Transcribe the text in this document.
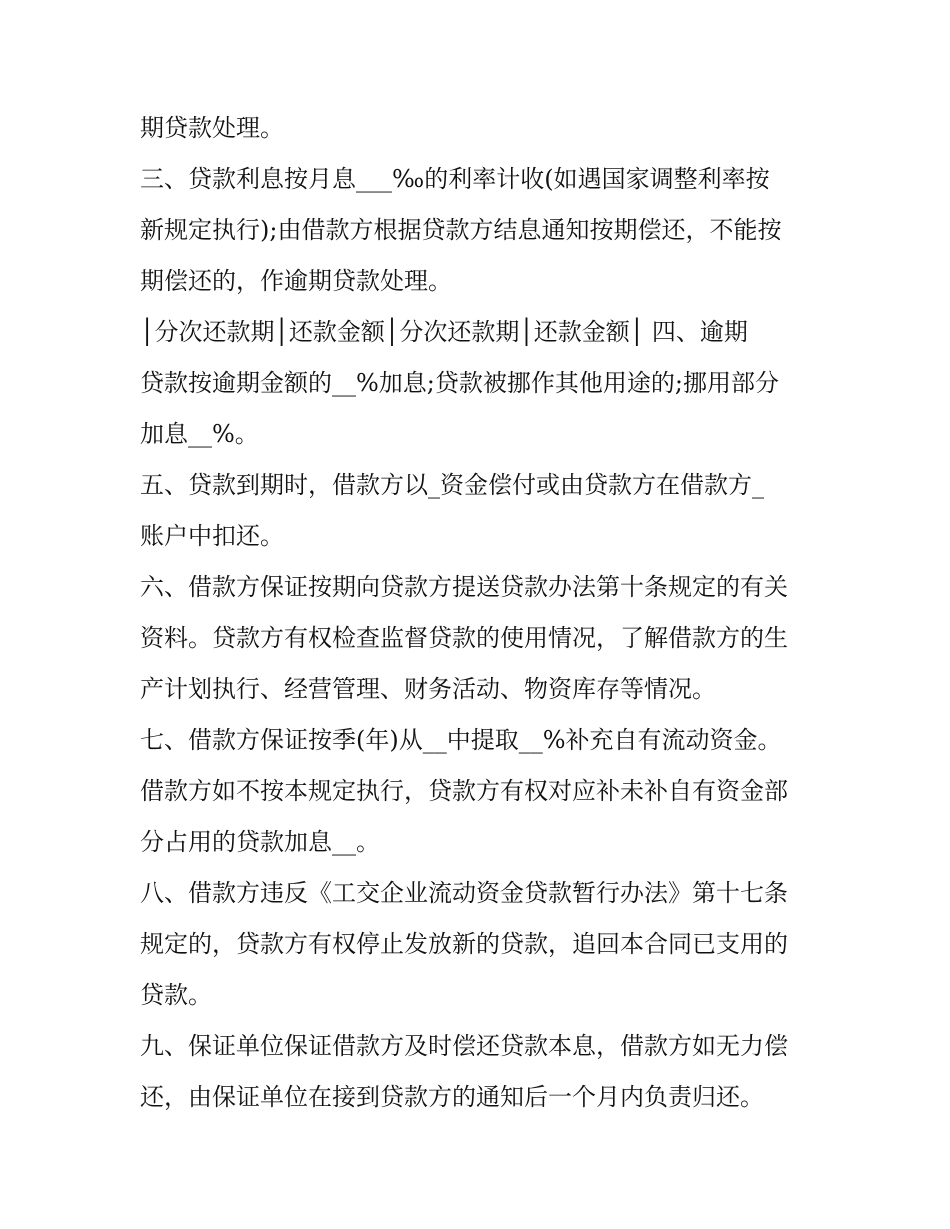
期贷款处理。

三、贷款利息按月息___‰的利率计收(如遇国家调整利率按

新规定执行);由借款方根据贷款方结息通知按期偿还，不能按

期偿还的，作逾期贷款处理。

│分次还款期│还款金额│分次还款期│还款金额│ 四、逾期

贷款按逾期金额的__%加息;贷款被挪作其他用途的;挪用部分

加息__%。

五、贷款到期时，借款方以_资金偿付或由贷款方在借款方_

账户中扣还。

六、借款方保证按期向贷款方提送贷款办法第十条规定的有关

资料。贷款方有权检查监督贷款的使用情况，了解借款方的生

产计划执行、经营管理、财务活动、物资库存等情况。

七、借款方保证按季(年)从__中提取__%补充自有流动资金。

借款方如不按本规定执行，贷款方有权对应补未补自有资金部

分占用的贷款加息__。

八、借款方违反《工交企业流动资金贷款暂行办法》第十七条

规定的，贷款方有权停止发放新的贷款，追回本合同已支用的

贷款。

九、保证单位保证借款方及时偿还贷款本息，借款方如无力偿

还，由保证单位在接到贷款方的通知后一个月内负责归还。
